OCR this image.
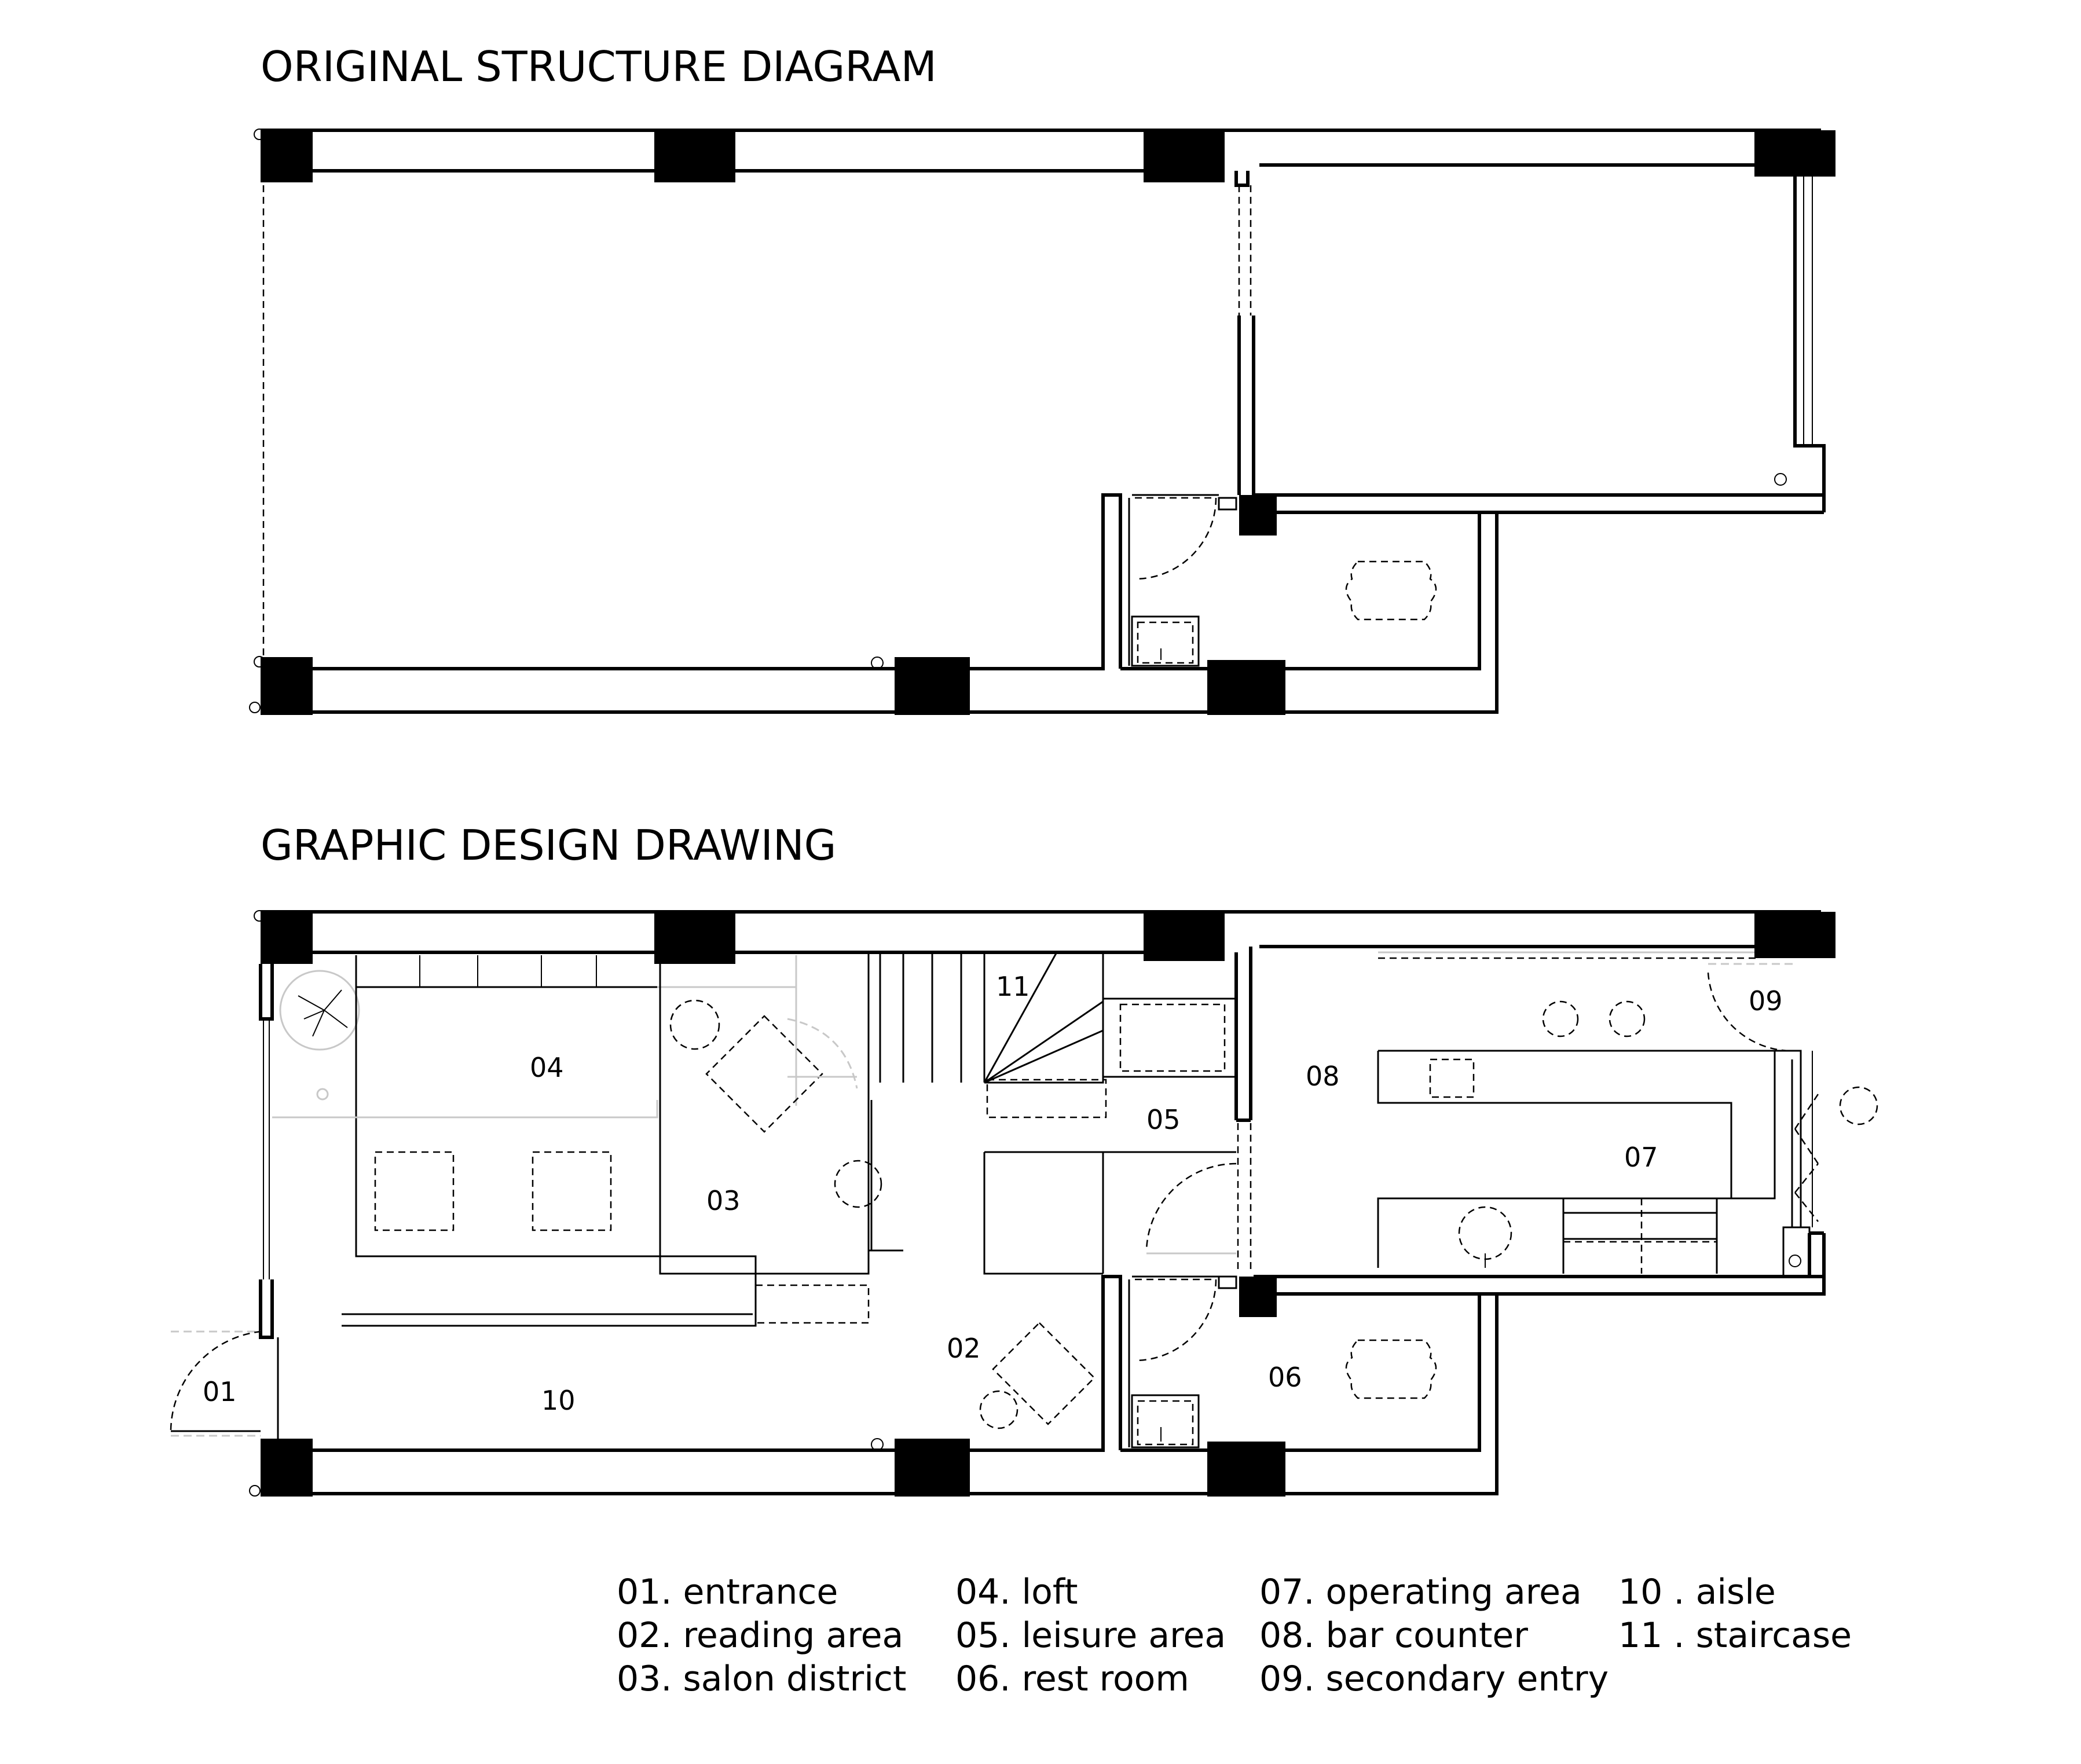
ORIGINAL STRUCTURE DIAGRAM
GRAPHIC DESIGN DRAWING
01
02
03
04
05
06
07
08
09
10
11
01. entrance
02. reading area
03. salon district
04. loft
05. leisure area
06. rest room
07. operating area
08. bar counter
09. secondary entry
10 . aisle
11 . staircase
